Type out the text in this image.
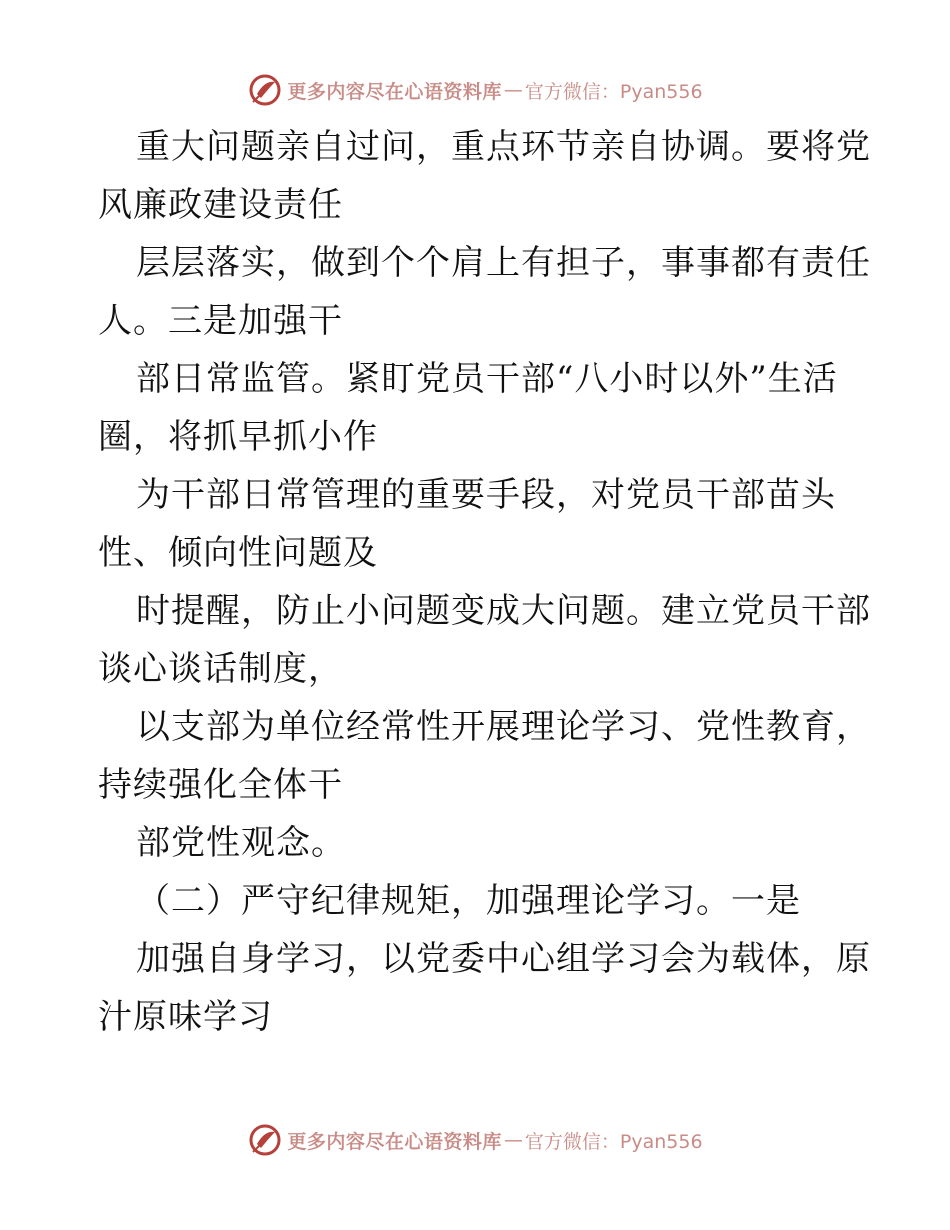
更多内容尽在心语资料库 — 官方微信：Pyan556
重大问题亲自过问，重点环节亲自协调。要将党
风廉政建设责任
层层落实，做到个个肩上有担子，事事都有责任
人。三是加强干
部日常监管。紧盯党员干部“八小时以外”生活
圈，将抓早抓小作
为干部日常管理的重要手段，对党员干部苗头
性、倾向性问题及
时提醒，防止小问题变成大问题。建立党员干部
谈心谈话制度，
以支部为单位经常性开展理论学习、党性教育，
持续强化全体干
部党性观念。
（二）严守纪律规矩，加强理论学习。一是
加强自身学习，以党委中心组学习会为载体，原
汁原味学习
更多内容尽在心语资料库 — 官方微信：Pyan556
